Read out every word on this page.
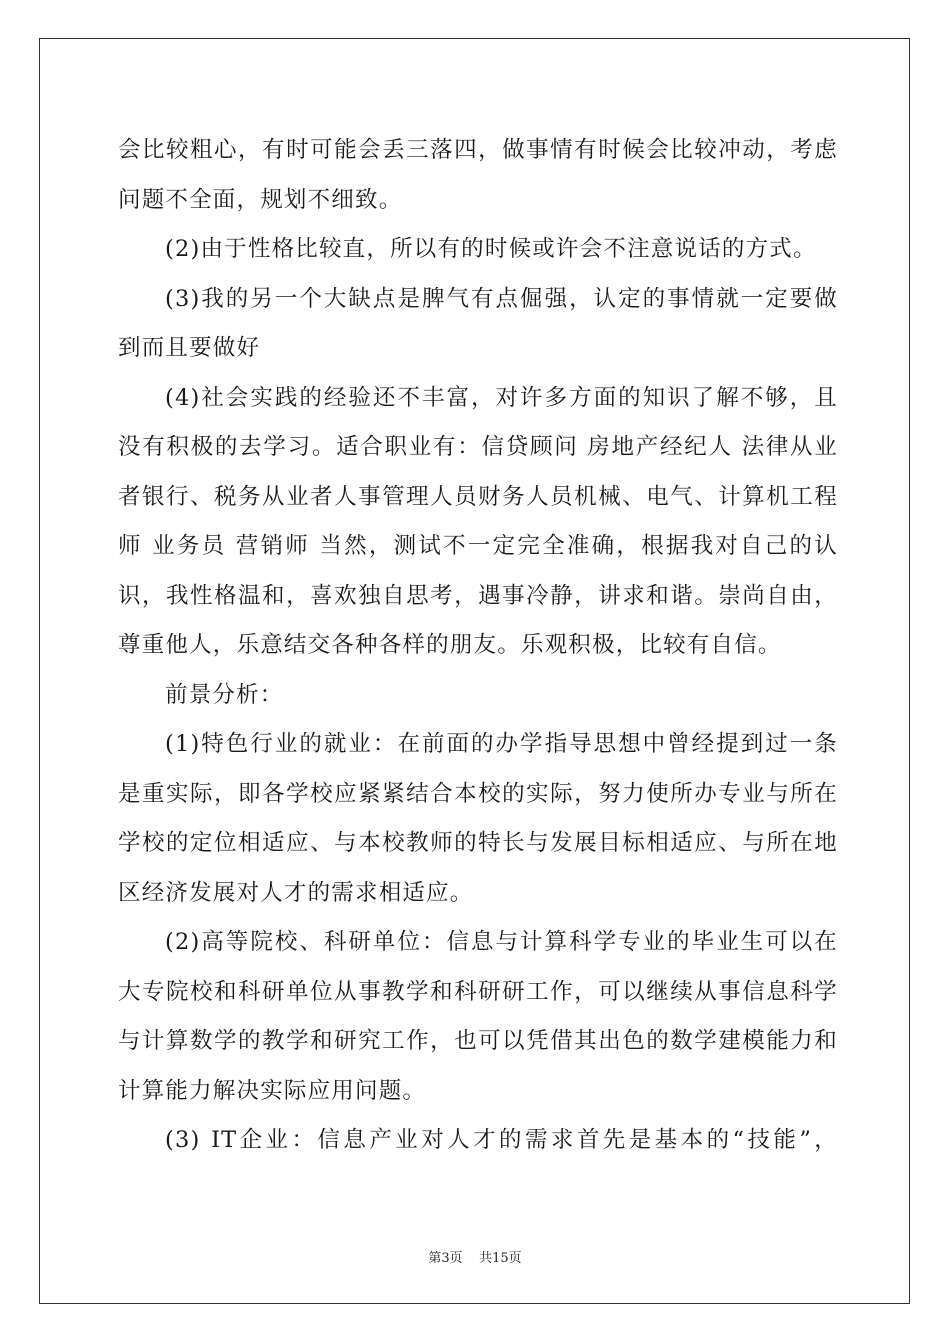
会比较粗心，有时可能会丢三落四，做事情有时候会比较冲动，考虑
问题不全面，规划不细致。
(2)由于性格比较直，所以有的时候或许会不注意说话的方式。
(3)我的另一个大缺点是脾气有点倔强，认定的事情就一定要做
到而且要做好
(4)社会实践的经验还不丰富，对许多方面的知识了解不够，且
没有积极的去学习。适合职业有：信贷顾问 房地产经纪人 法律从业
者银行、税务从业者人事管理人员财务人员机械、电气、计算机工程
师 业务员 营销师 当然，测试不一定完全准确，根据我对自己的认
识，我性格温和，喜欢独自思考，遇事冷静，讲求和谐。崇尚自由，
尊重他人，乐意结交各种各样的朋友。乐观积极，比较有自信。
前景分析：
(1)特色行业的就业：在前面的办学指导思想中曾经提到过一条
是重实际，即各学校应紧紧结合本校的实际，努力使所办专业与所在
学校的定位相适应、与本校教师的特长与发展目标相适应、与所在地
区经济发展对人才的需求相适应。
(2)高等院校、科研单位：信息与计算科学专业的毕业生可以在
大专院校和科研单位从事教学和科研研工作，可以继续从事信息科学
与计算数学的教学和研究工作，也可以凭借其出色的数学建模能力和
计算能力解决实际应用问题。
(3) IT企业：信息产业对人才的需求首先是基本的“技能”，
第3页    共15页
